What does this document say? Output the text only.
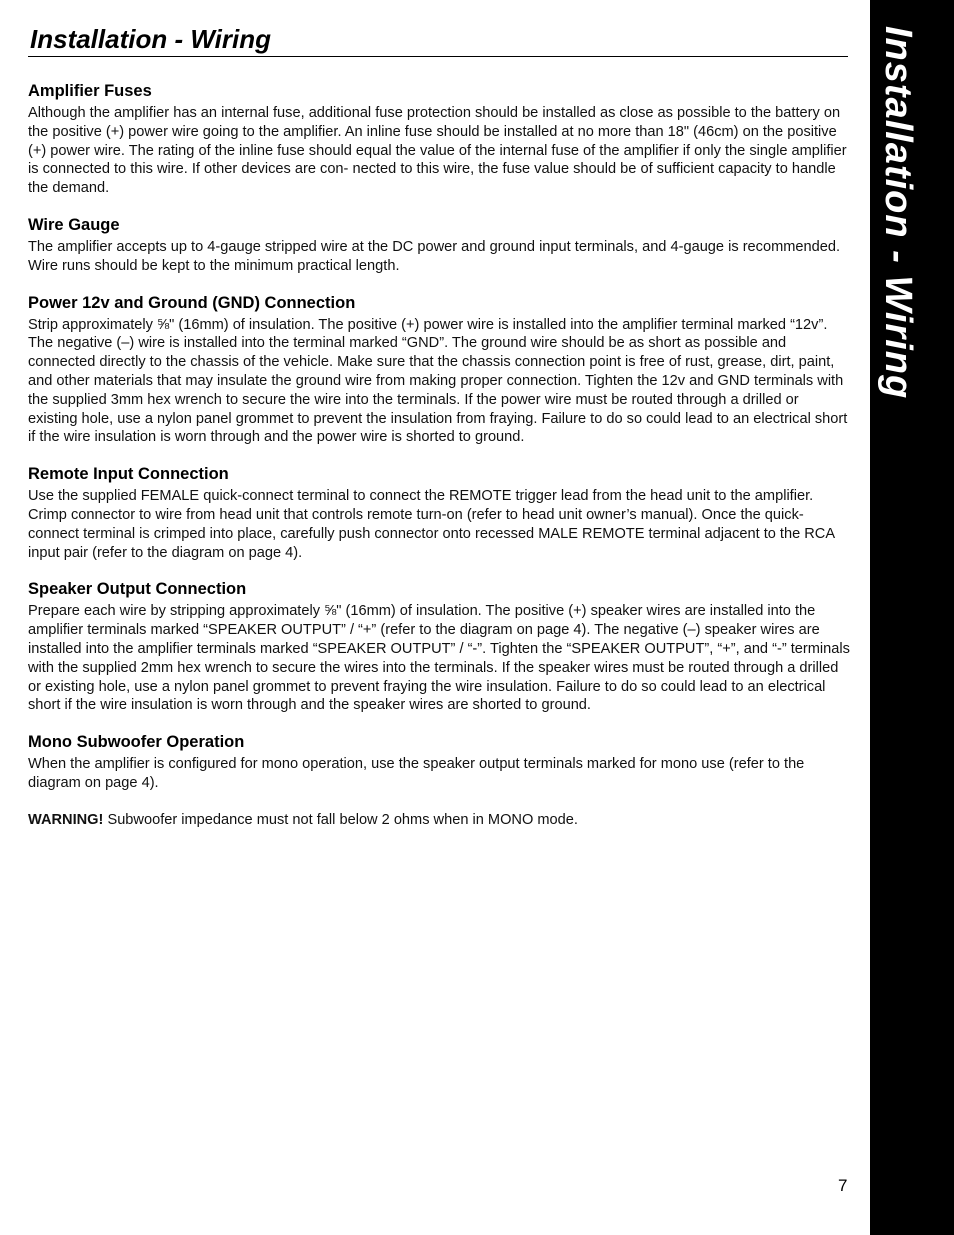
Installation - Wiring
Amplifier Fuses

Although the amplifier has an internal fuse, additional fuse protection should be installed as close as possible to the battery on the positive (+) power wire going to the amplifier. An inline fuse should be installed at no more than 18" (46cm) on the positive (+) power wire. The rating of the inline fuse should equal the value of the internal fuse of the amplifier if only the single amplifier is connected to this wire. If other devices are con- nected to this wire, the fuse value should be of sufficient capacity to handle the demand.

Wire Gauge

The amplifier accepts up to 4-gauge stripped wire at the DC power and ground input terminals, and 4-gauge is recommended. Wire runs should be kept to the minimum practical length.

Power 12v and Ground (GND) Connection

Strip approximately ⅝" (16mm) of insulation. The positive (+) power wire is installed into the amplifier terminal marked “12v”. The negative (–) wire is installed into the terminal marked “GND”. The ground wire should be as short as possible and connected directly to the chassis of the vehicle. Make sure that the chassis connection point is free of rust, grease, dirt, paint, and other materials that may insulate the ground wire from making proper connection. Tighten the 12v and GND terminals with the supplied 3mm hex wrench to secure the wire into the terminals. If the power wire must be routed through a drilled or existing hole, use a nylon panel grommet to prevent the insulation from fraying. Failure to do so could lead to an electrical short if the wire insulation is worn through and the power wire is shorted to ground.

Remote Input Connection

Use the supplied FEMALE quick-connect terminal to connect the REMOTE trigger lead from the head unit to the amplifier. Crimp connector to wire from head unit that controls remote turn-on (refer to head unit owner’s manual). Once the quick-connect terminal is crimped into place, carefully push connector onto recessed MALE REMOTE terminal adjacent to the RCA input pair (refer to the diagram on page 4).

Speaker Output Connection

Prepare each wire by stripping approximately ⅝" (16mm) of insulation. The positive (+) speaker wires are installed into the amplifier terminals marked “SPEAKER OUTPUT” / “+” (refer to the diagram on page 4). The negative (–) speaker wires are installed into the amplifier terminals marked “SPEAKER OUTPUT” / “-”. Tighten the “SPEAKER OUTPUT”, “+”, and “-” terminals with the supplied 2mm hex wrench to secure the wires into the terminals. If the speaker wires must be routed through a drilled or existing hole, use a nylon panel grommet to prevent fraying the wire insulation. Failure to do so could lead to an electrical short if the wire insulation is worn through and the speaker wires are shorted to ground.

Mono Subwoofer Operation

When the amplifier is configured for mono operation, use the speaker output terminals marked for mono use (refer to the diagram on page 4).

WARNING! Subwoofer impedance must not fall below 2 ohms when in MONO mode.

Installation - Wiring
7
